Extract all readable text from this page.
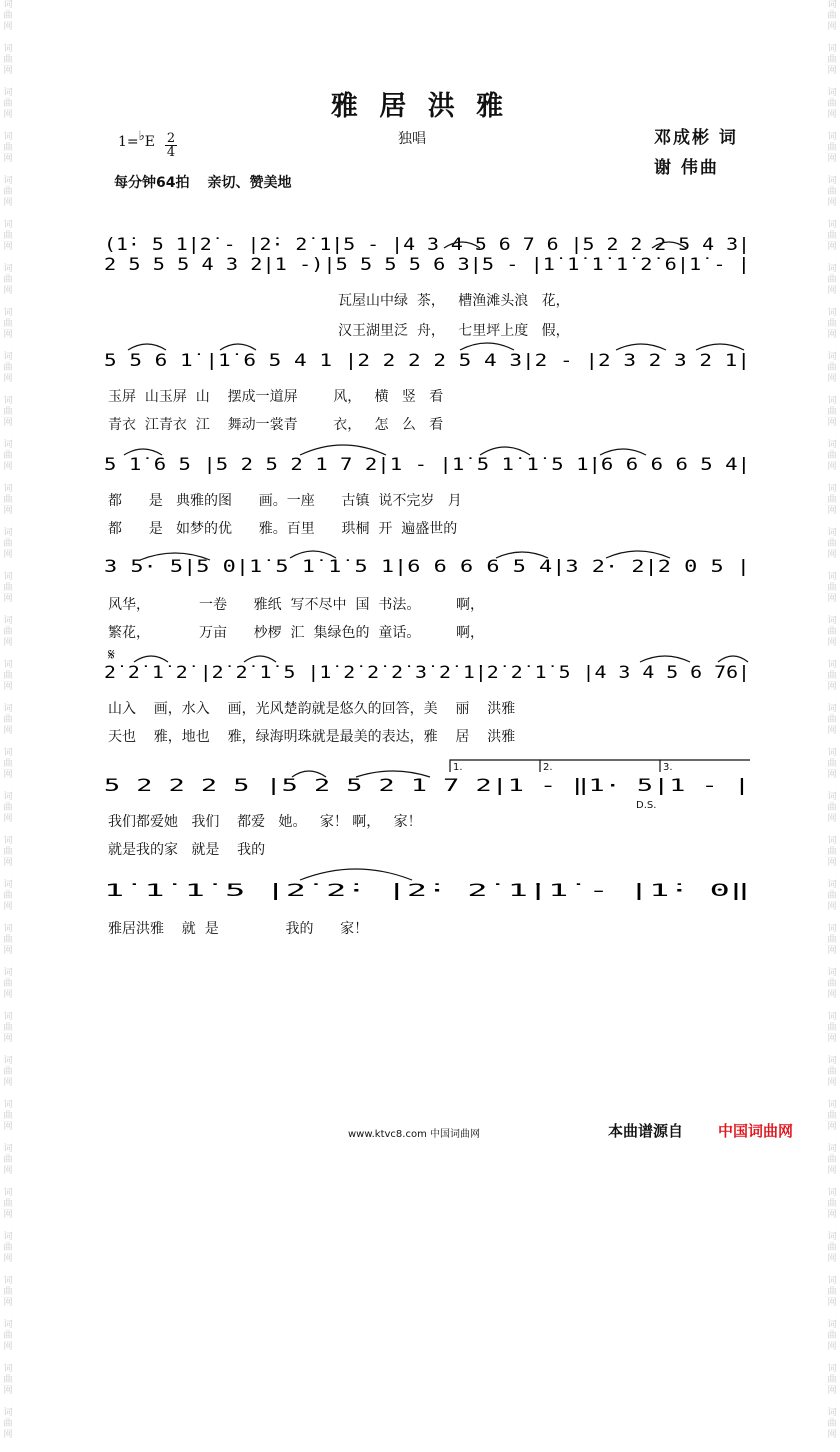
词
曲
网

词
曲
网

词
曲
网

词
曲
网

词
曲
网

词
曲
网

词
曲
网

词
曲
网

词
曲
网

词
曲
网

词
曲
网

词
曲
网

词
曲
网

词
曲
网

词
曲
网

词
曲
网

词
曲
网

词
曲
网

词
曲
网

词
曲
网

词
曲
网

词
曲
网

词
曲
网

词
曲
网

词
曲
网

词
曲
网

词
曲
网

词
曲
网

词
曲
网

词
曲
网

词
曲
网

词
曲
网

词
曲
网

词
曲
网

词
曲
网

词
曲
网

词
曲
网

词
曲
网

词
曲
网

词
曲
网

词
曲
网

词
曲
网

词
曲
网

词
曲
网

词
曲
网

词
曲
网

词
曲
网

词
曲
网

词
曲
网

词
曲
网

词
曲
网

词
曲
网

词
曲
网

词
曲
网

词
曲
网

词
曲
网

词
曲
网

词
曲
网

词
曲
网

词
曲
网

词
曲
网

词
曲
网

词
曲
网

词
曲
网

词
曲
网

词
曲
网

雅 居 洪 雅
独唱	邓成彬 词
谢 伟曲
1=♭E 2
4
每分钟64拍 亲切、赞美地
(1̇· 5 1̇|2̇ - |2̇· 2̇ 1̇|5 - |4 3 4 5 6 7 6 |5 2 2 2 5 4 3|
2 5 5 5 4 3 2|1 -)|5 5 5 5 6 3|5 - |1̇ 1̇ 1̇ 1̇ 2̇ 6|1̇ - |
5 5 6 1̇ |1̇ 6 5 4 1 |2 2 2 2 5 4 3|2 - |2 3 2 3 2 1|
5 1̇ 6 5 |5 2 5 2 1 7 2|1 - |1̇ 5 1̇ 1̇ 5 1̇|6 6 6 6 5 4|
3 5· 5|5 0|1̇ 5 1̇ 1̇ 5 1̇|6 6 6 6 5 4|3 2· 2|2 0 5 |
2̇ 2̇ 1̇ 2̇ |2̇ 2̇ 1̇ 5 |1̇ 2̇ 2̇ 2̇ 3̇ 2̇ 1̇|2̇ 2̇ 1̇ 5 |4 3 4 5 6 76|
5 2 2 2 5 |5 2 5 2 1 7 2|1 - ‖1· 5|1 - |
1̇ 1̇ 1̇ 5 |2̇ 2̇· |2̇· 2̇ 1̇|1̇ - |1̇· 0‖
1.	2.	3.
𝄋
D.S.
瓦屋山中绿  茶，   槽渔滩头浪   花，
汉王湖里泛  舟，   七里坪上度   假，
玉屏  山玉屏  山    摆成一道屏        风，   横   竖   看
青衣  江青衣  江    舞动一裳青        衣，   怎   么   看
都      是   典雅的图      画。一座      古镇  说不完岁   月
都      是   如梦的优      雅。百里      珙桐  开  遍盛世的
风华，           一卷      雅纸  写不尽中  国  书法。        啊，
繁花，           万亩      杪椤  汇  集绿色的  童话。        啊，
山入    画，水入    画，光风楚韵就是悠久的回答，美    丽    洪雅
天也    雅，地也    雅，绿海明珠就是最美的表达，雅    居    洪雅
我们都爱她   我们    都爱   她。   家！ 啊，   家！
就是我的家   就是    我的
雅居洪雅    就  是               我的      家！
www.ktvc8.com 中国词曲网	本曲谱源自 中国词曲网
